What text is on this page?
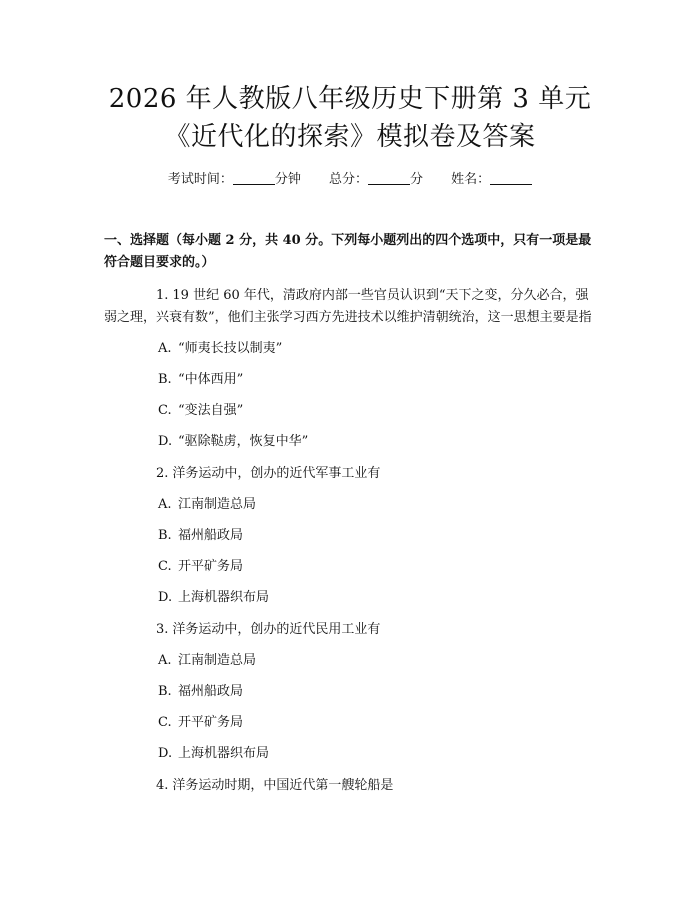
2026 年人教版八年级历史下册第 3 单元《近代化的探索》模拟卷及答案
考试时间：	分钟 总分：	分 姓名：
一、选择题（每小题 2 分，共 40 分。下列每小题列出的四个选项中，只有一项是最符合题目要求的。）
1. 19 世纪 60 年代，清政府内部一些官员认识到“天下之变，分久必合，强弱之理，兴衰有数”，他们主张学习西方先进技术以维护清朝统治，这一思想主要是指
A. “师夷长技以制夷”
B. “中体西用”
C. “变法自强”
D. “驱除鞑虏，恢复中华”
2. 洋务运动中，创办的近代军事工业有
A. 江南制造总局
B. 福州船政局
C. 开平矿务局
D. 上海机器织布局
3. 洋务运动中，创办的近代民用工业有
A. 江南制造总局
B. 福州船政局
C. 开平矿务局
D. 上海机器织布局
4. 洋务运动时期，中国近代第一艘轮船是
